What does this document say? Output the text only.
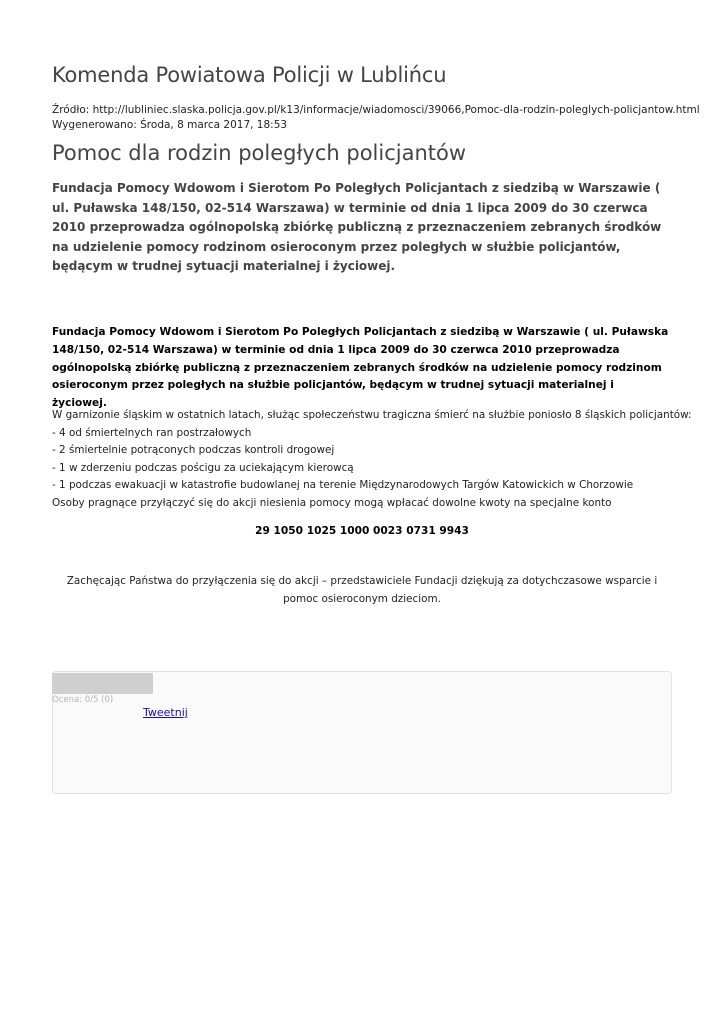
Komenda Powiatowa Policji w Lublińcu
Źródło: http://lubliniec.slaska.policja.gov.pl/k13/informacje/wiadomosci/39066,Pomoc-dla-rodzin-poleglych-policjantow.html
Wygenerowano: Środa, 8 marca 2017, 18:53
Pomoc dla rodzin poległych policjantów

Fundacja Pomocy Wdowom i Sierotom Po Poległych Policjantach z siedzibą w Warszawie ( ul. Puławska 148/150, 02-514 Warszawa) w terminie od dnia 1 lipca 2009 do 30 czerwca 2010 przeprowadza ogólnopolską zbiórkę publiczną z przeznaczeniem zebranych środków na udzielenie pomocy rodzinom osieroconym przez poległych w służbie policjantów, będącym w trudnej sytuacji materialnej i życiowej.

Fundacja Pomocy Wdowom i Sierotom Po Poległych Policjantach z siedzibą w Warszawie ( ul. Puławska 148/150, 02-514 Warszawa) w terminie od dnia 1 lipca 2009 do 30 czerwca 2010 przeprowadza ogólnopolską zbiórkę publiczną z przeznaczeniem zebranych środków na udzielenie pomocy rodzinom osieroconym przez poległych na służbie policjantów, będącym w trudnej sytuacji materialnej i życiowej.

W garnizonie śląskim w ostatnich latach, służąc społeczeństwu tragiczna śmierć na służbie poniosło 8 śląskich policjantów:
- 4 od śmiertelnych ran postrzałowych
- 2 śmiertelnie potrąconych podczas kontroli drogowej
- 1 w zderzeniu podczas pościgu za uciekającym kierowcą
- 1 podczas ewakuacji w katastrofie budowlanej na terenie Międzynarodowych Targów Katowickich w Chorzowie
Osoby pragnące przyłączyć się do akcji niesienia pomocy mogą wpłacać dowolne kwoty na specjalne konto
29 1050 1025 1000 0023 0731 9943

Zachęcając Państwa do przyłączenia się do akcji – przedstawiciele Fundacji dziękują za dotychczasowe wsparcie i pomoc osieroconym dzieciom.

Ocena: 0/5 (0)
Tweetnij
